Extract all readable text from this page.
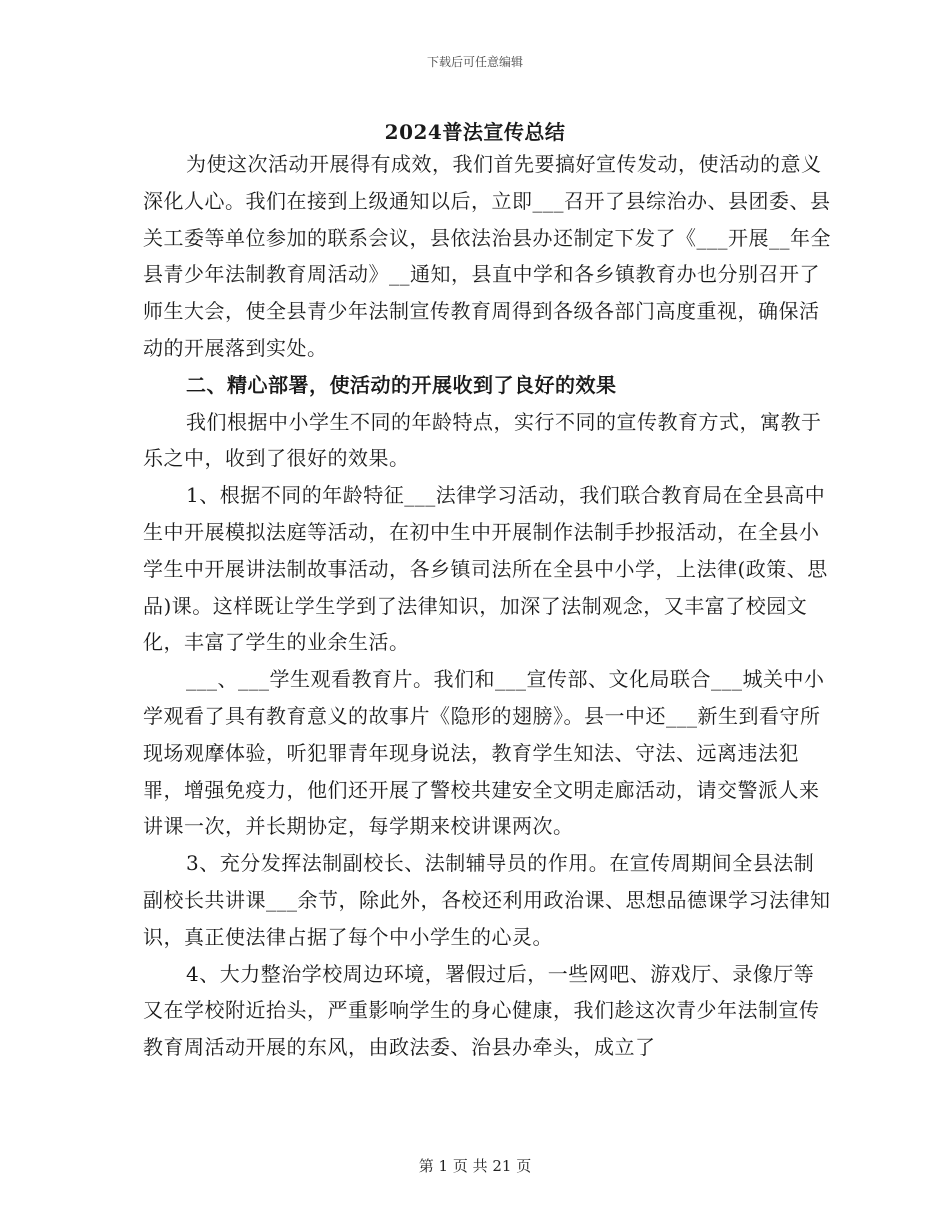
下载后可任意编辑
2024普法宣传总结

为使这次活动开展得有成效，我们首先要搞好宣传发动，使活动的意义深化人心。我们在接到上级通知以后，立即___召开了县综治办、县团委、县关工委等单位参加的联系会议，县依法治县办还制定下发了《___开展__年全县青少年法制教育周活动》__通知，县直中学和各乡镇教育办也分别召开了师生大会，使全县青少年法制宣传教育周得到各级各部门高度重视，确保活动的开展落到实处。

二、精心部署，使活动的开展收到了良好的效果

我们根据中小学生不同的年龄特点，实行不同的宣传教育方式，寓教于乐之中，收到了很好的效果。

1、根据不同的年龄特征___法律学习活动，我们联合教育局在全县高中生中开展模拟法庭等活动，在初中生中开展制作法制手抄报活动，在全县小学生中开展讲法制故事活动，各乡镇司法所在全县中小学，上法律(政策、思品)课。这样既让学生学到了法律知识，加深了法制观念，又丰富了校园文化，丰富了学生的业余生活。

___、___学生观看教育片。我们和___宣传部、文化局联合___城关中小学观看了具有教育意义的故事片《隐形的翅膀》。县一中还___新生到看守所现场观摩体验，听犯罪青年现身说法，教育学生知法、守法、远离违法犯罪，增强免疫力，他们还开展了警校共建安全文明走廊活动，请交警派人来讲课一次，并长期协定，每学期来校讲课两次。

3、充分发挥法制副校长、法制辅导员的作用。在宣传周期间全县法制副校长共讲课___余节，除此外，各校还利用政治课、思想品德课学习法律知识，真正使法律占据了每个中小学生的心灵。

4、大力整治学校周边环境，署假过后，一些网吧、游戏厅、录像厅等又在学校附近抬头，严重影响学生的身心健康，我们趁这次青少年法制宣传教育周活动开展的东风，由政法委、治县办牵头，成立了

第 1 页 共 21 页
